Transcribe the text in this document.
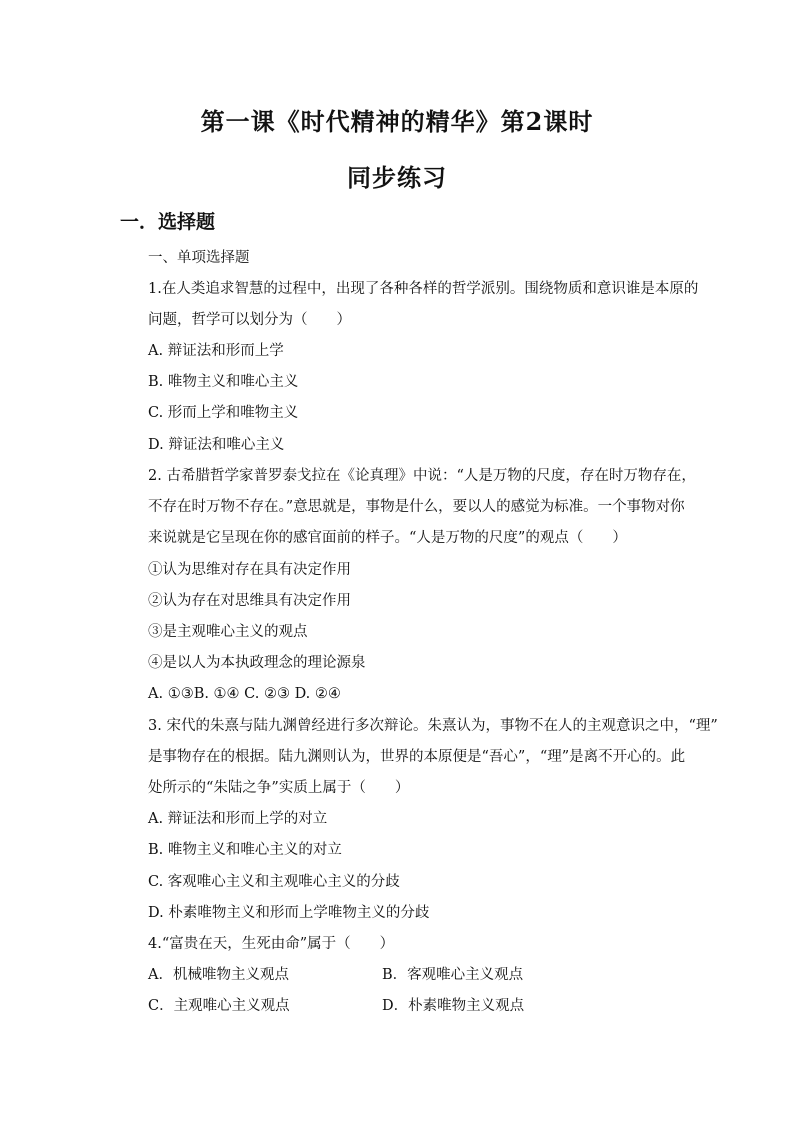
第一课《时代精神的精华》第2课时
同步练习
一．选择题
一、单项选择题
1.在人类追求智慧的过程中，出现了各种各样的哲学派别。围绕物质和意识谁是本原的
问题，哲学可以划分为（　　）
A. 辩证法和形而上学
B. 唯物主义和唯心主义
C. 形而上学和唯物主义
D. 辩证法和唯心主义
2. 古希腊哲学家普罗泰戈拉在《论真理》中说：“人是万物的尺度，存在时万物存在，
不存在时万物不存在。”意思就是，事物是什么，要以人的感觉为标准。一个事物对你
来说就是它呈现在你的感官面前的样子。“人是万物的尺度”的观点（　　）
①认为思维对存在具有决定作用
②认为存在对思维具有决定作用
③是主观唯心主义的观点
④是以人为本执政理念的理论源泉
A. ①③B. ①④ C. ②③ D. ②④
3. 宋代的朱熹与陆九渊曾经进行多次辩论。朱熹认为，事物不在人的主观意识之中，“理”
是事物存在的根据。陆九渊则认为，世界的本原便是“吾心”，“理”是离不开心的。此
处所示的“朱陆之争”实质上属于（　　）
A. 辩证法和形而上学的对立
B. 唯物主义和唯心主义的对立
C. 客观唯心主义和主观唯心主义的分歧
D. 朴素唯物主义和形而上学唯物主义的分歧
4.“富贵在天，生死由命”属于（　　）
A．机械唯物主义观点	B．客观唯心主义观点
C．主观唯心主义观点	D．朴素唯物主义观点
